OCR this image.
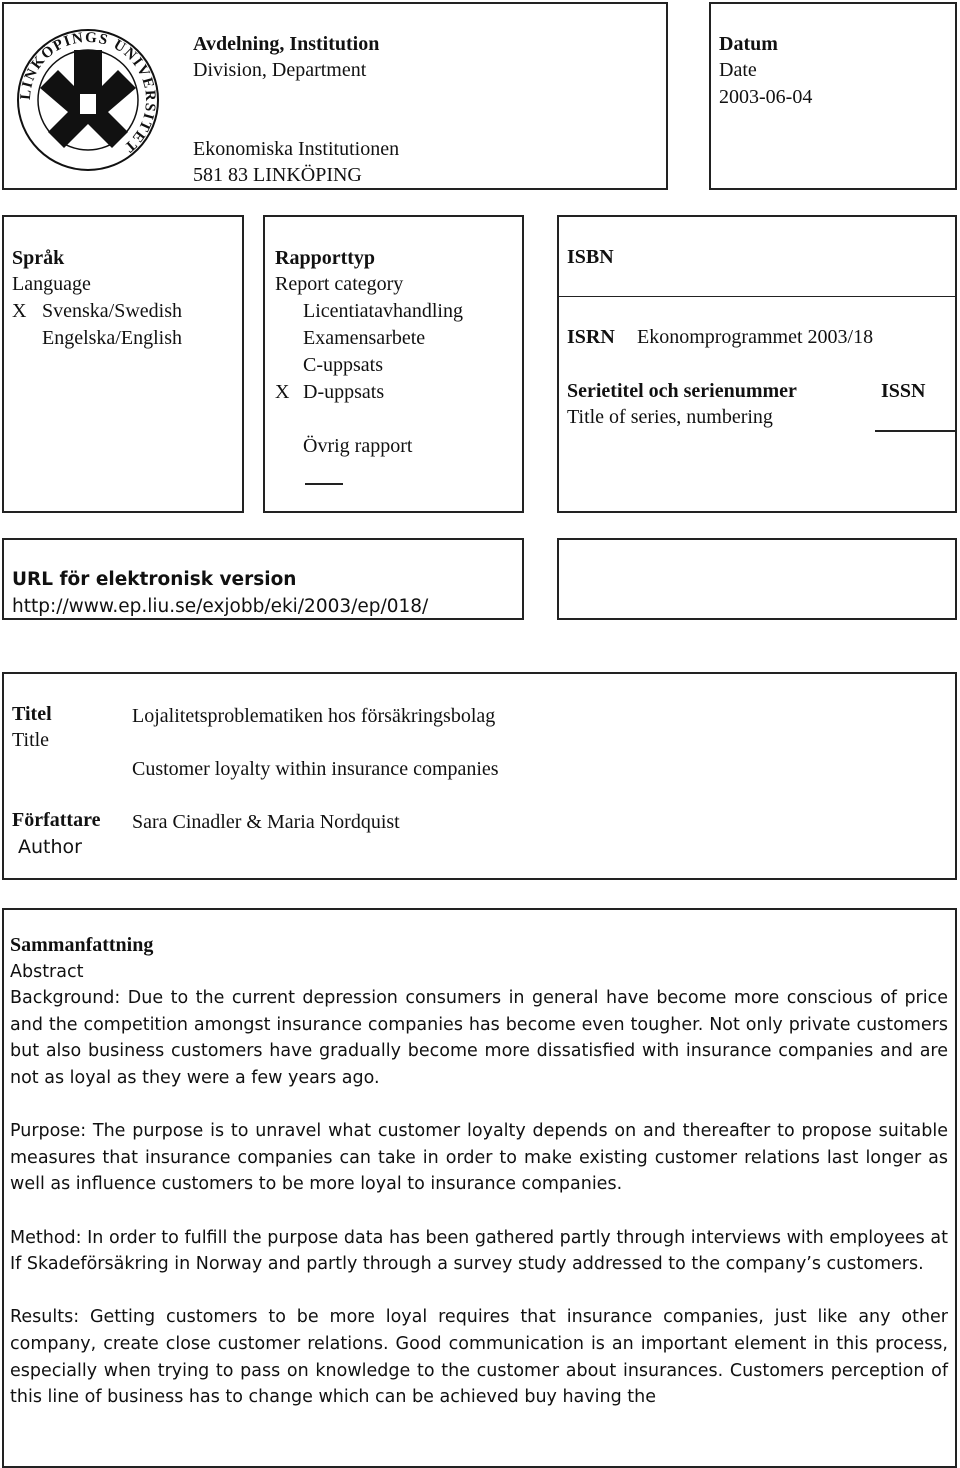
LINKÖPINGS UNIVERSITET
Avdelning, Institution
Division, Department
Ekonomiska Institutionen
581 83 LINKÖPING
Datum
Date
2003-06-04
Språk
Language
X Svenska/Swedish
Engelska/English
Rapporttyp
Report category
Licentiatavhandling
Examensarbete
C-uppsats
X D-uppsats
Övrig rapport
ISBN
ISRN Ekonomprogrammet 2003/18
Serietitel och serienummer
Title of series, numbering
ISSN
URL för elektronisk version
http://www.ep.liu.se/exjobb/eki/2003/ep/018/
Titel
Title
Lojalitetsproblematiken hos försäkringsbolag
Customer loyalty within insurance companies
Författare
Author
Sara Cinadler & Maria Nordquist
Sammanfattning
Abstract

Background: Due to the current depression consumers in general have become more conscious of price and the competition amongst insurance companies has become even tougher. Not only private customers but also business customers have gradually become more dissatisfied with insurance companies and are not as loyal as they were a few years ago.

Purpose: The purpose is to unravel what customer loyalty depends on and thereafter to propose suitable measures that insurance companies can take in order to make existing customer relations last longer as well as influence customers to be more loyal to insurance companies.

Method: In order to fulfill the purpose data has been gathered partly through interviews with employees at If Skadeförsäkring in Norway and partly through a survey study addressed to the company’s customers.

Results: Getting customers to be more loyal requires that insurance companies, just like any other company, create close customer relations. Good communication is an important element in this process, especially when trying to pass on knowledge to the customer about insurances. Customers perception of this line of business has to change which can be achieved buy having the
